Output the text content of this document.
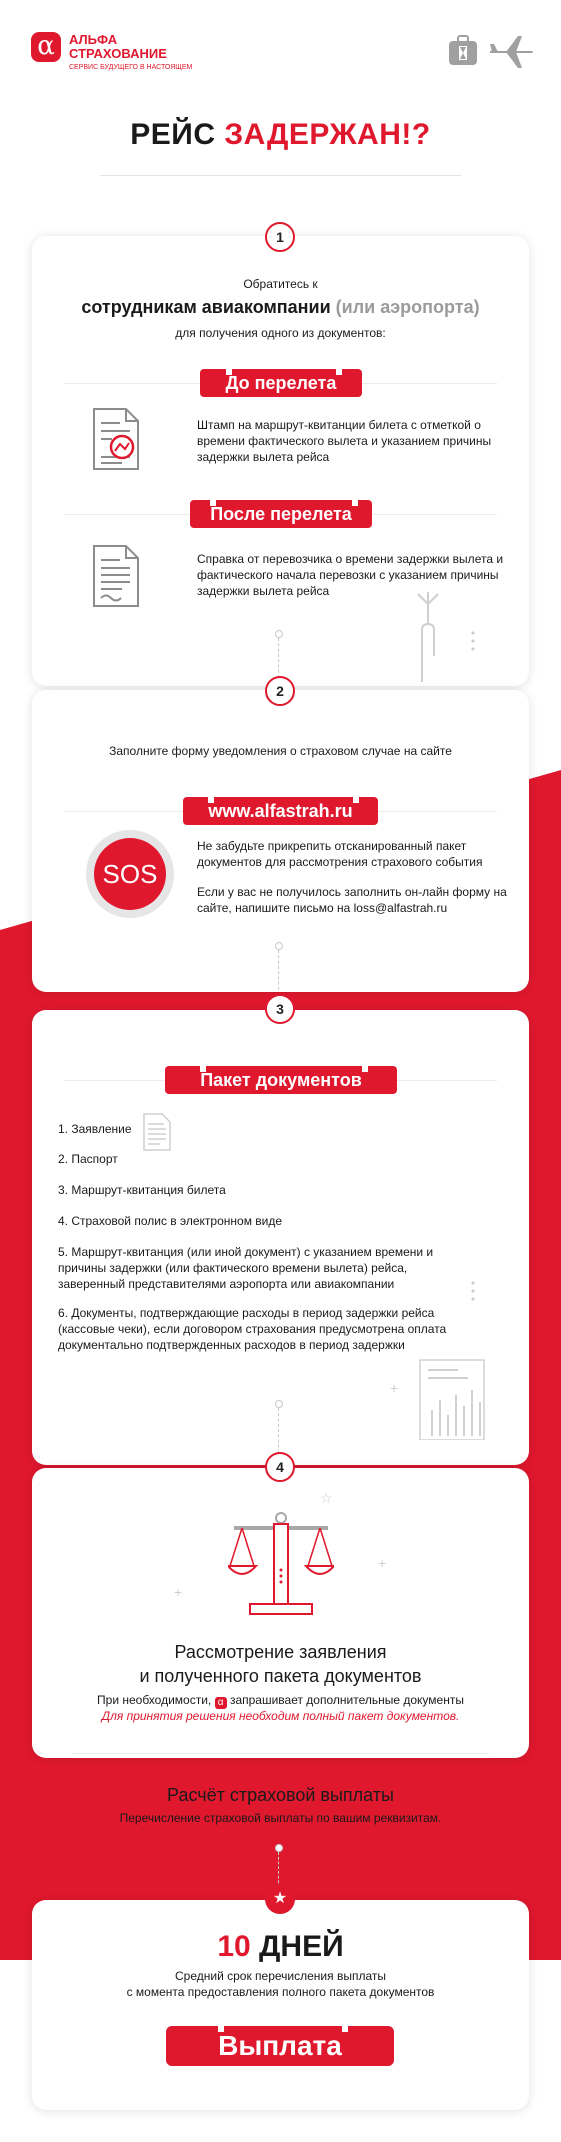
α	АЛЬФА
СТРАХОВАНИЕ
СЕРВИС БУДУЩЕГО В НАСТОЯЩЕМ
РЕЙС ЗАДЕРЖАН!?
1
Обратитесь к
сотрудникам авиакомпании (или аэропорта)
для получения одного из документов:
До перелета
Штамп на маршрут-квитанции билета с отметкой о времени фактического вылета и указанием причины задержки вылета рейса
После перелета
Справка от перевозчика о времени задержки вылета и фактического начала перевозки с указанием причины задержки вылета рейса
2
Заполните форму уведомления о страховом случае на сайте
www.alfastrah.ru
SOS
Не забудьте прикрепить отсканированный пакет документов для рассмотрения страхового события
Если у вас не получилось заполнить он-лайн форму на сайте, напишите письмо на loss@alfastrah.ru
3
Пакет документов
1. Заявление
2. Паспорт
3. Маршрут-квитанция билета
4. Страховой полис в электронном виде
5. Маршрут-квитанция (или иной документ) с указанием времени и причины задержки (или фактического времени вылета) рейса, заверенный представителями аэропорта или авиакомпании
6. Документы, подтверждающие расходы в период задержки рейса (кассовые чеки), если договором страхования предусмотрена оплата документально подтвержденных расходов в период задержки
+
4
+
+
☆
Рассмотрение заявления
и полученного пакета документов
При необходимости, α запрашивает дополнительные документы
Для принятия решения необходим полный пакет документов.
Расчёт страховой выплаты
Перечисление страховой выплаты по вашим реквизитам.
★
10 ДНЕЙ
Средний срок перечисления выплаты
с момента предоставления полного пакета документов
Выплата
